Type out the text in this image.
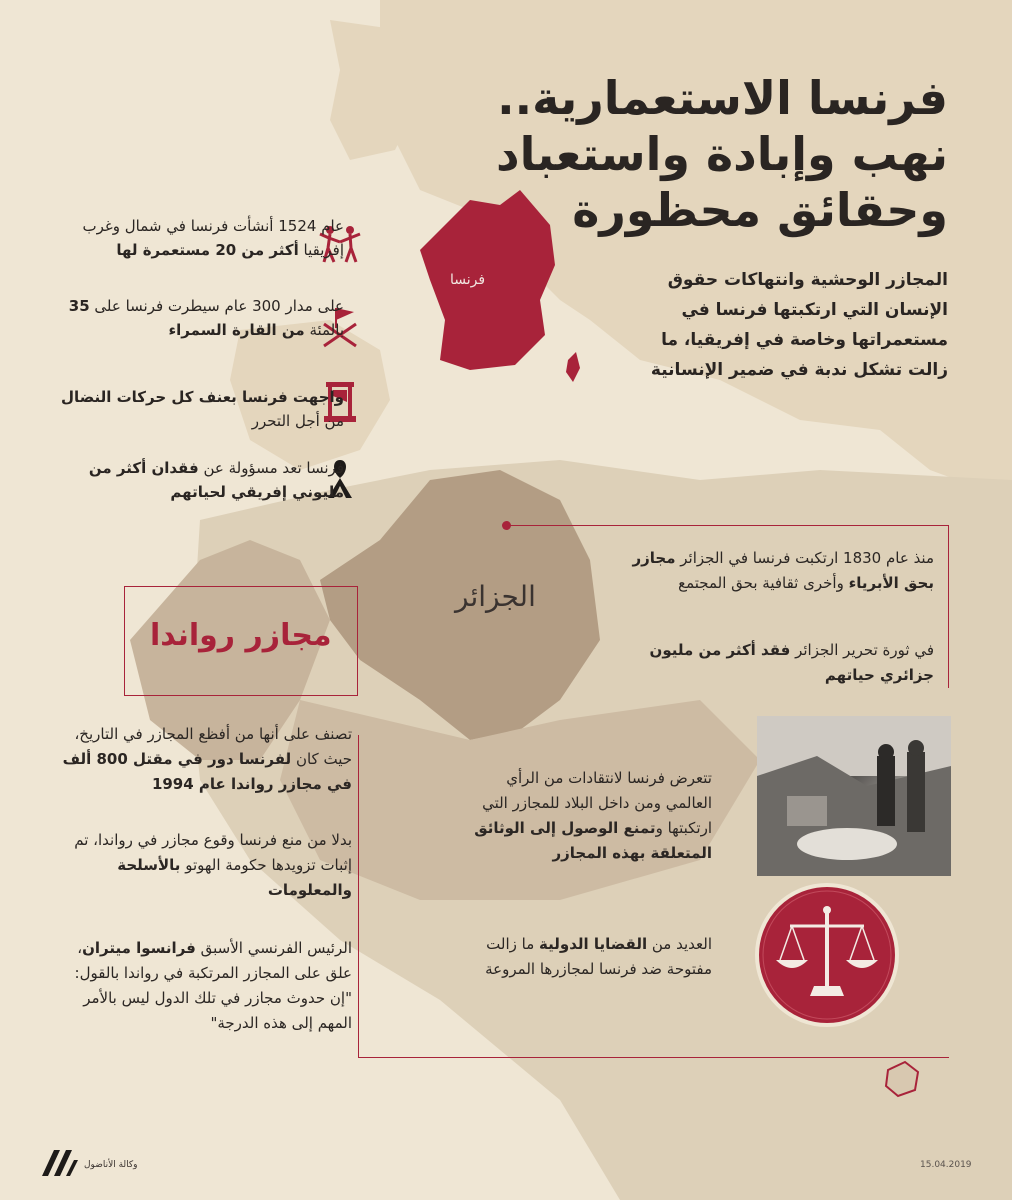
فرنسا الاستعمارية..
نهب وإبادة واستعباد
وحقائق محظورة
المجازر الوحشية وانتهاكات حقوق الإنسان التي ارتكبتها فرنسا في مستعمراتها وخاصة في إفريقيا، ما زالت تشكل ندبة في ضمير الإنسانية
فرنسا
الجزائر
عام 1524 أنشأت فرنسا في شمال وغرب إفريقيا أكثر من 20 مستعمرة لها
على مدار 300 عام سيطرت فرنسا على 35 بالمئة من القارة السمراء
واجهت فرنسا بعنف كل حركات النضال من أجل التحرر
فرنسا تعد مسؤولة عن فقدان أكثر من مليوني إفريقي لحياتهم
منذ عام 1830 ارتكبت فرنسا في الجزائر مجازر بحق الأبرياء وأخرى ثقافية بحق المجتمع
في ثورة تحرير الجزائر فقد أكثر من مليون جزائري حياتهم
مجازر رواندا
تصنف على أنها من أفظع المجازر في التاريخ، حيث كان لفرنسا دور في مقتل 800 ألف في مجازر رواندا عام 1994
بدلا من منع فرنسا وقوع مجازر في رواندا، تم إثبات تزويدها حكومة الهوتو بالأسلحة والمعلومات
الرئيس الفرنسي الأسبق فرانسوا ميتران، علق على المجازر المرتكبة في رواندا بالقول: "إن حدوث مجازر في تلك الدول ليس بالأمر المهم إلى هذه الدرجة"
تتعرض فرنسا لانتقادات من الرأي العالمي ومن داخل البلاد للمجازر التي ارتكبتها وتمنع الوصول إلى الوثائق المتعلقة بهذه المجازر
العديد من القضايا الدولية ما زالت مفتوحة ضد فرنسا لمجازرها المروعة
وكالة الأناضول	15.04.2019
